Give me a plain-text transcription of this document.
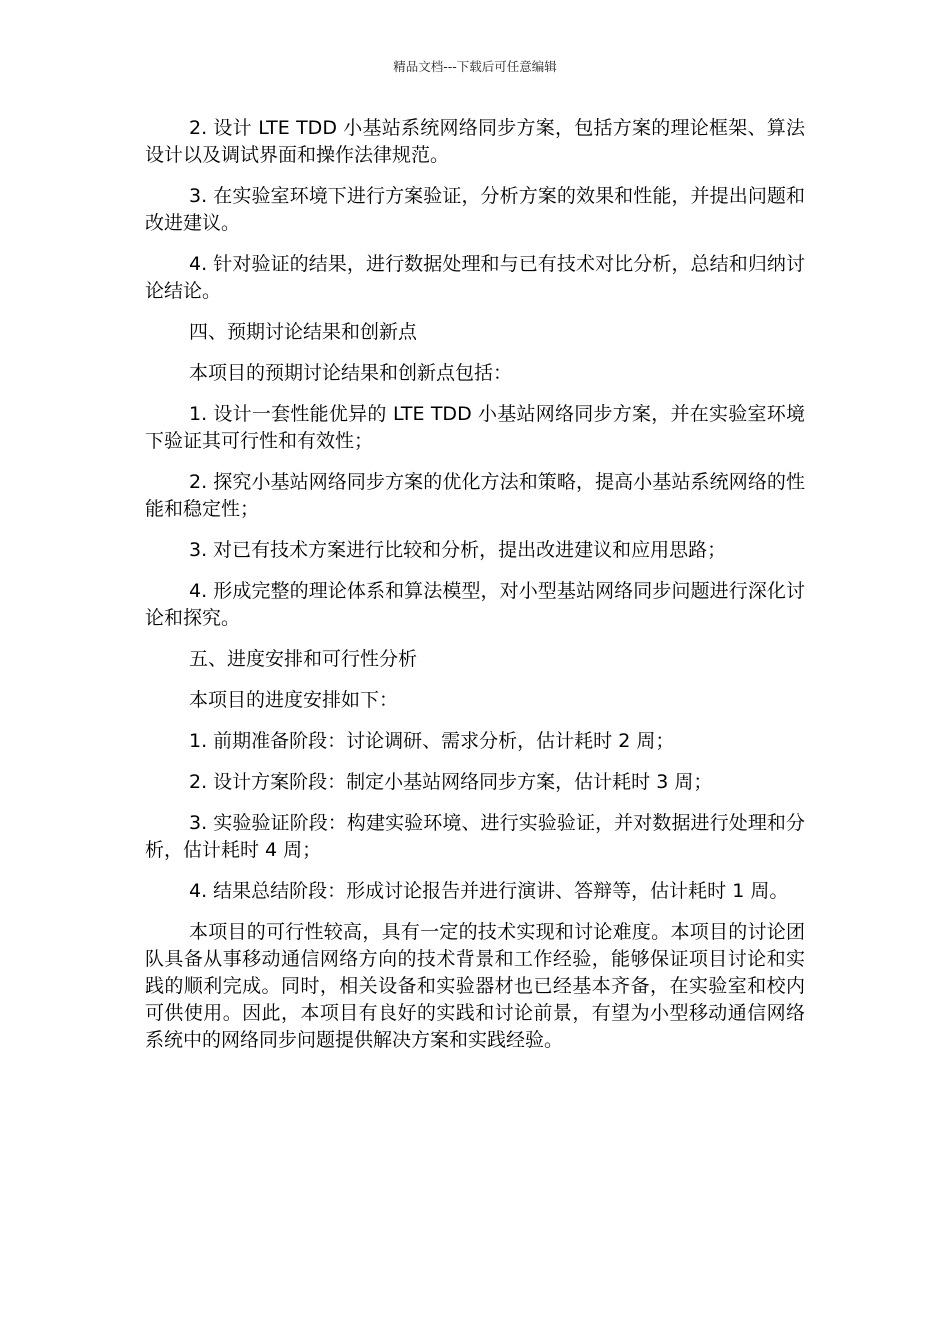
精品文档---下载后可任意编辑

2. 设计 LTE TDD 小基站系统网络同步方案，包括方案的理论框架、算法设计以及调试界面和操作法律规范。

3. 在实验室环境下进行方案验证，分析方案的效果和性能，并提出问题和改进建议。

4. 针对验证的结果，进行数据处理和与已有技术对比分析，总结和归纳讨论结论。

四、预期讨论结果和创新点

本项目的预期讨论结果和创新点包括：

1. 设计一套性能优异的 LTE TDD 小基站网络同步方案，并在实验室环境下验证其可行性和有效性；

2. 探究小基站网络同步方案的优化方法和策略，提高小基站系统网络的性能和稳定性；

3. 对已有技术方案进行比较和分析，提出改进建议和应用思路；

4. 形成完整的理论体系和算法模型，对小型基站网络同步问题进行深化讨论和探究。

五、进度安排和可行性分析

本项目的进度安排如下：

1. 前期准备阶段：讨论调研、需求分析，估计耗时 2 周；

2. 设计方案阶段：制定小基站网络同步方案，估计耗时 3 周；

3. 实验验证阶段：构建实验环境、进行实验验证，并对数据进行处理和分析，估计耗时 4 周；

4. 结果总结阶段：形成讨论报告并进行演讲、答辩等，估计耗时 1 周。

本项目的可行性较高，具有一定的技术实现和讨论难度。本项目的讨论团队具备从事移动通信网络方向的技术背景和工作经验，能够保证项目讨论和实践的顺利完成。同时，相关设备和实验器材也已经基本齐备，在实验室和校内可供使用。因此，本项目有良好的实践和讨论前景，有望为小型移动通信网络系统中的网络同步问题提供解决方案和实践经验。
